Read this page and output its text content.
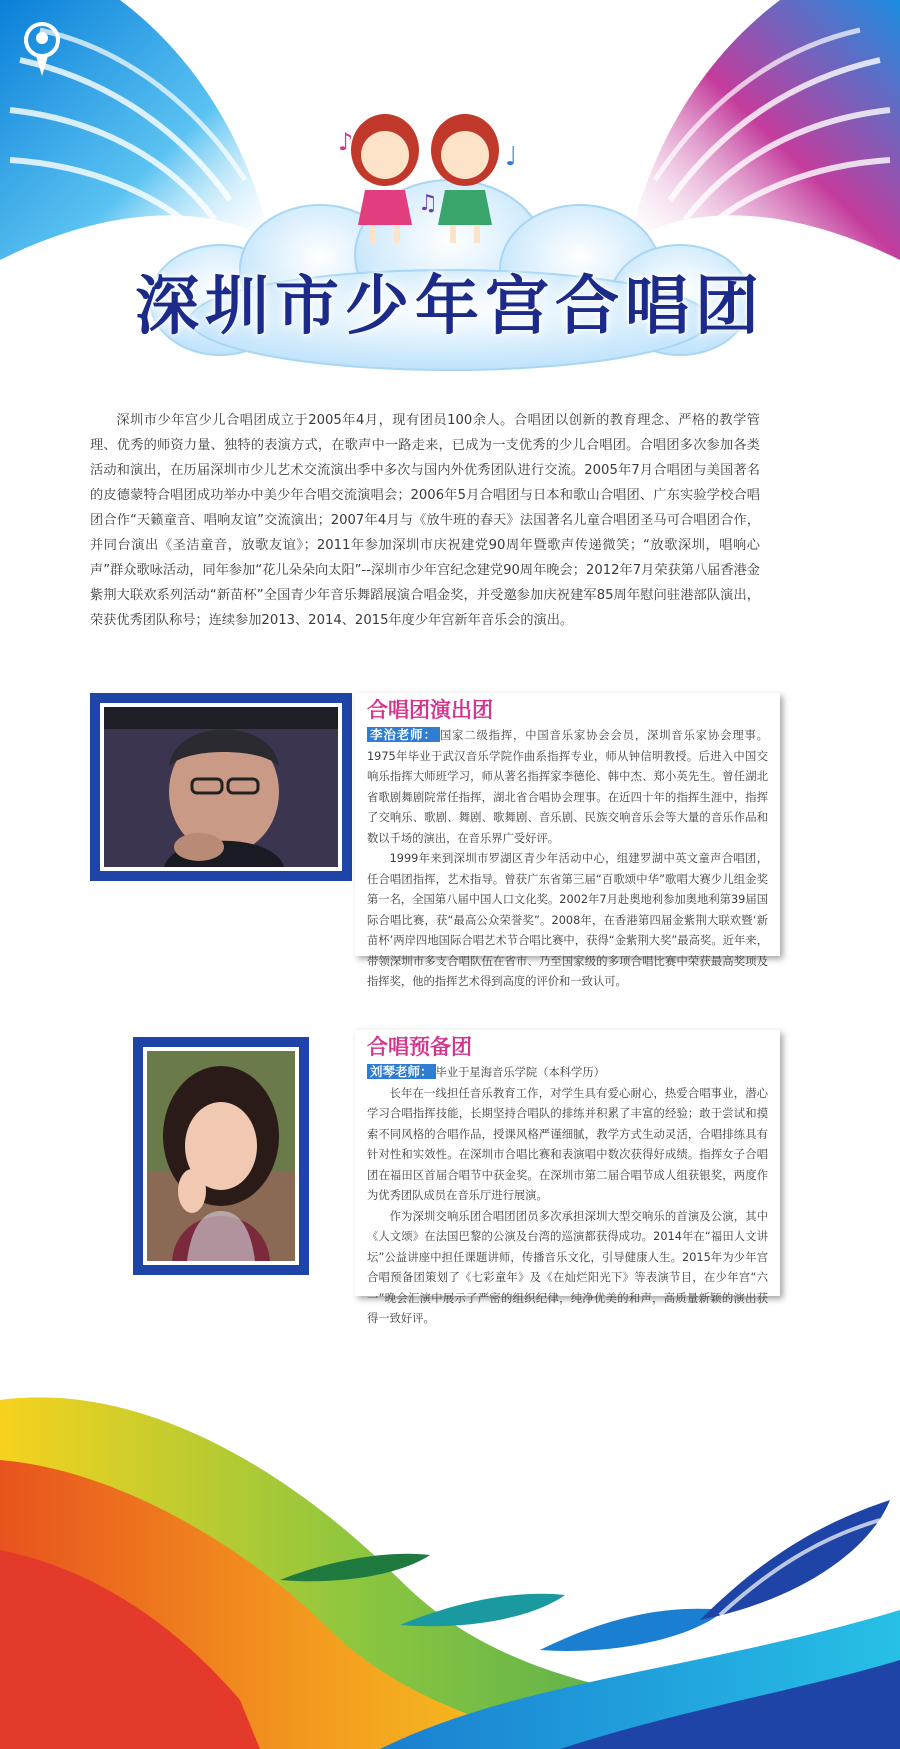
♪
♫
♩
深圳市少年宫合唱团
深圳市少年宫少儿合唱团成立于2005年4月，现有团员100余人。合唱团以创新的教育理念、严格的教学管理、优秀的师资力量、独特的表演方式，在歌声中一路走来，已成为一支优秀的少儿合唱团。合唱团多次参加各类活动和演出，在历届深圳市少儿艺术交流演出季中多次与国内外优秀团队进行交流。2005年7月合唱团与美国著名的皮德蒙特合唱团成功举办中美少年合唱交流演唱会；2006年5月合唱团与日本和歌山合唱团、广东实验学校合唱团合作“天籁童音、唱响友谊”交流演出；2007年4月与《放牛班的春天》法国著名儿童合唱团圣马可合唱团合作，并同台演出《圣洁童音，放歌友谊》；2011年参加深圳市庆祝建党90周年暨歌声传递微笑；“放歌深圳，唱响心声”群众歌咏活动，同年参加“花儿朵朵向太阳”--深圳市少年宫纪念建党90周年晚会；2012年7月荣获第八届香港金紫荆大联欢系列活动“新苗杯”全国青少年音乐舞蹈展演合唱金奖，并受邀参加庆祝建军85周年慰问驻港部队演出，荣获优秀团队称号；连续参加2013、2014、2015年度少年宫新年音乐会的演出。
合唱团演出团

李治老师： 国家二级指挥，中国音乐家协会会员，深圳音乐家协会理事。1975年毕业于武汉音乐学院作曲系指挥专业，师从钟信明教授。后进入中国交响乐指挥大师班学习，师从著名指挥家李德伦、韩中杰、郑小英先生。曾任湖北省歌剧舞剧院常任指挥，湖北省合唱协会理事。在近四十年的指挥生涯中，指挥了交响乐、歌剧、舞剧、歌舞剧、音乐剧、民族交响音乐会等大量的音乐作品和数以千场的演出，在音乐界广受好评。

1999年来到深圳市罗湖区青少年活动中心，组建罗湖中英文童声合唱团，任合唱团指挥，艺术指导。曾获广东省第三届“百歌颂中华”歌唱大赛少儿组金奖第一名，全国第八届中国人口文化奖。2002年7月赴奥地利参加奥地利第39届国际合唱比赛，获“最高公众荣誉奖”。2008年，在香港第四届金紫荆大联欢暨‘新苗杯’两岸四地国际合唱艺术节合唱比赛中，获得“金紫荆大奖”最高奖。近年来，带领深圳市多支合唱队伍在省市、乃至国家级的多项合唱比赛中荣获最高奖项及指挥奖，他的指挥艺术得到高度的评价和一致认可。

合唱预备团

刘琴老师： 毕业于星海音乐学院（本科学历）

长年在一线担任音乐教育工作，对学生具有爱心耐心，热爱合唱事业，潜心学习合唱指挥技能，长期坚持合唱队的排练并积累了丰富的经验；敢于尝试和摸索不同风格的合唱作品，授课风格严谨细腻，教学方式生动灵活，合唱排练具有针对性和实效性。在深圳市合唱比赛和表演唱中数次获得好成绩。指挥女子合唱团在福田区首届合唱节中获金奖。在深圳市第二届合唱节成人组获银奖，两度作为优秀团队成员在音乐厅进行展演。

作为深圳交响乐团合唱团团员多次承担深圳大型交响乐的首演及公演，其中《人文颂》在法国巴黎的公演及台湾的巡演都获得成功。2014年在“福田人文讲坛”公益讲座中担任课题讲师，传播音乐文化，引导健康人生。2015年为少年宫合唱预备团策划了《七彩童年》及《在灿烂阳光下》等表演节目，在少年宫“六一”晚会汇演中展示了严密的组织纪律，纯净优美的和声，高质量新颖的演出获得一致好评。
